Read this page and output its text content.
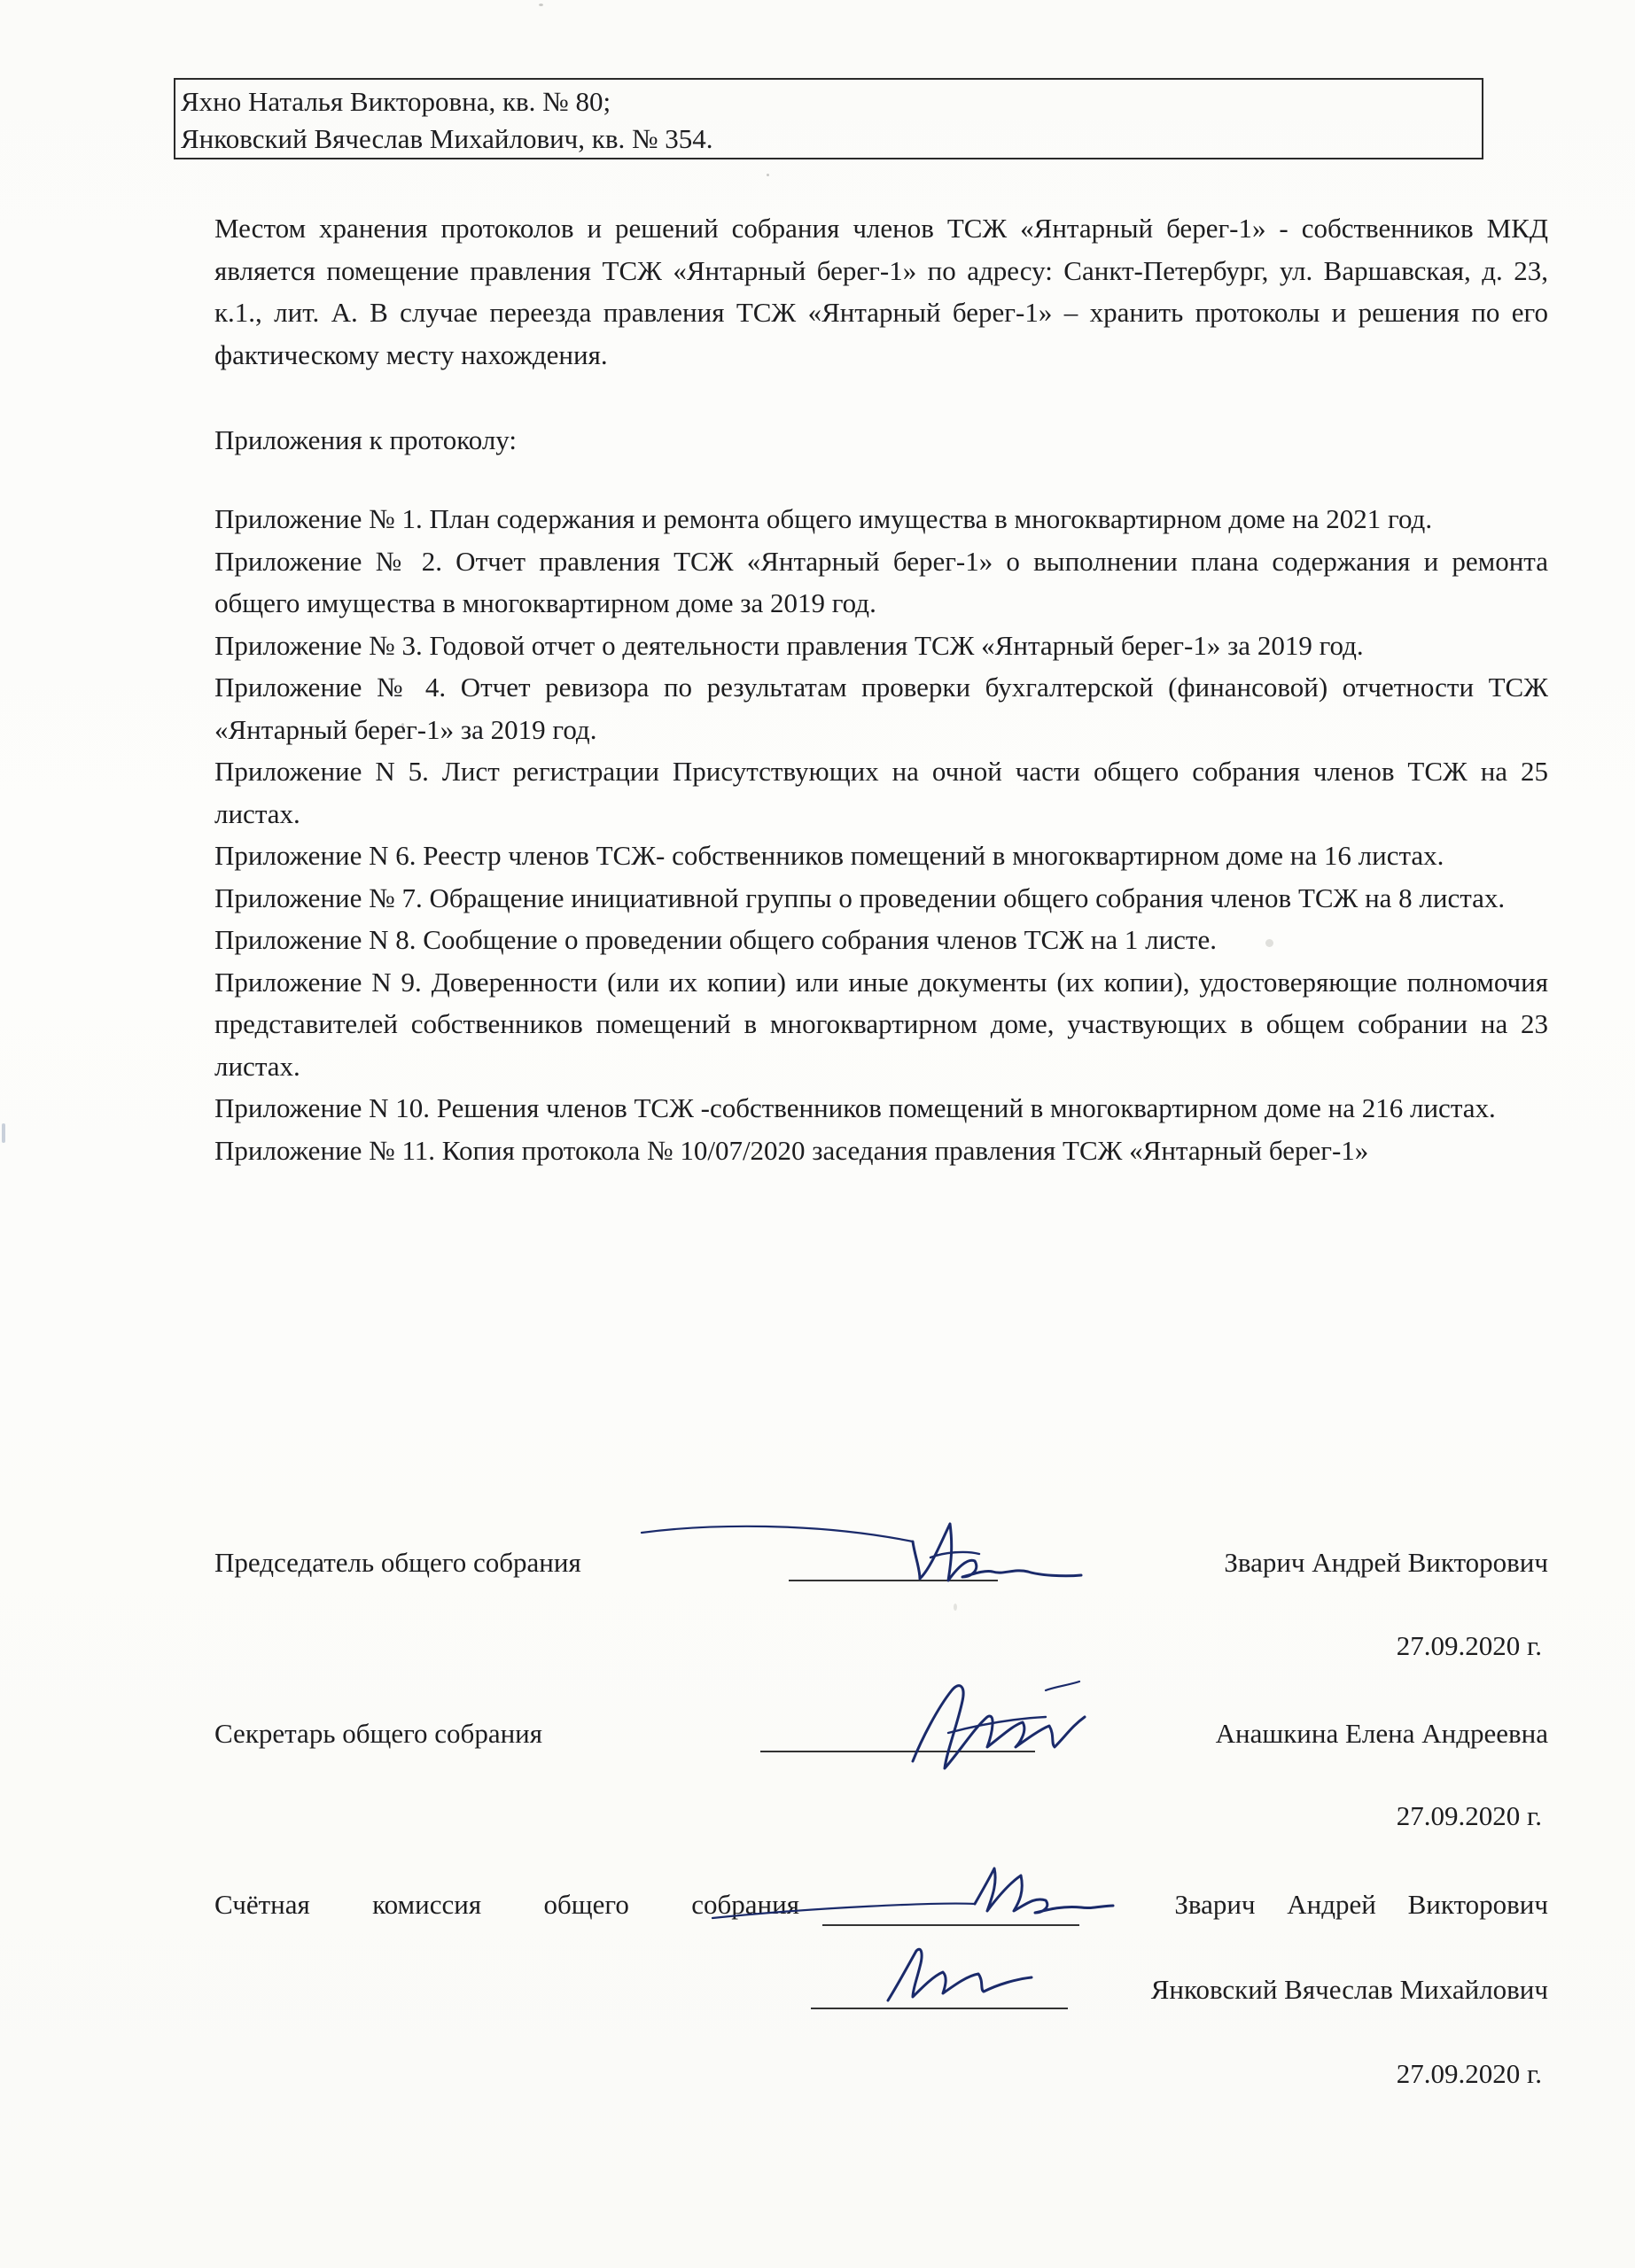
Яхно Наталья Викторовна, кв. № 80;
Янковский Вячеслав Михайлович, кв. № 354.
Местом хранения протоколов и решений собрания членов ТСЖ «Янтарный берег-1» - собственников МКД является помещение правления ТСЖ «Янтарный берег-1» по адресу: Санкт-Петербург, ул. Варшавская, д. 23, к.1., лит. А. В случае переезда правления ТСЖ «Янтарный берег-1» – хранить протоколы и решения по его фактическому месту нахождения.
Приложения к протоколу:

Приложение № 1. План содержания и ремонта общего имущества в многоквартирном доме на 2021 год.

Приложение № 2. Отчет правления ТСЖ «Янтарный берег-1» о выполнении плана содержания и ремонта общего имущества в многоквартирном доме за 2019 год.

Приложение № 3. Годовой отчет о деятельности правления ТСЖ «Янтарный берег-1» за 2019 год.

Приложение № 4. Отчет ревизора по результатам проверки бухгалтерской (финансовой) отчетности ТСЖ «Янтарный берег-1» за 2019 год.

Приложение N 5. Лист регистрации Присутствующих на очной части общего собрания членов ТСЖ на 25 листах.

Приложение N 6. Реестр членов ТСЖ- собственников помещений в многоквартирном доме на 16 листах.

Приложение № 7. Обращение инициативной группы о проведении общего собрания членов ТСЖ на 8 листах.

Приложение N 8. Сообщение о проведении общего собрания членов ТСЖ на 1 листе.

Приложение N 9. Доверенности (или их копии) или иные документы (их копии), удостоверяющие полномочия представителей собственников помещений в многоквартирном доме, участвующих в общем собрании на 23 листах.

Приложение N 10. Решения членов ТСЖ -собственников помещений в многоквартирном доме на 216 листах.

Приложение № 11. Копия протокола № 10/07/2020 заседания правления ТСЖ «Янтарный берег-1»

Председатель общего собрания	Зварич Андрей Викторович
27.09.2020 г.
Секретарь общего собрания	Анашкина Елена Андреевна
27.09.2020 г.
Счётная комиссия общего собрания	Зварич Андрей Викторович
Янковский Вячеслав Михайлович
27.09.2020 г.
